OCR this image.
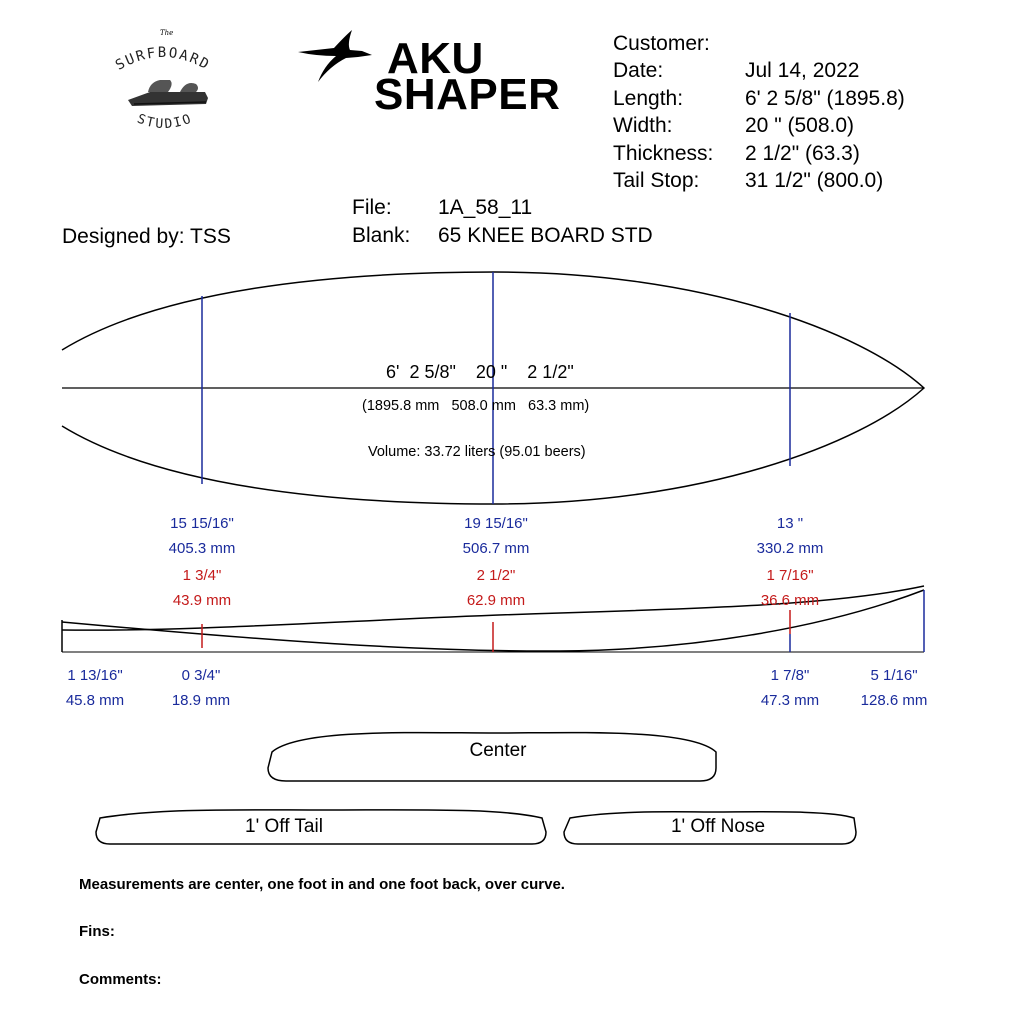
The
SURFBOARD
STUDIO
AKU
SHAPER
Customer:
Date:	Jul 14, 2022
Length:	6' 2 5/8" (1895.8)
Width:	20 " (508.0)
Thickness: 2 1/2" (63.3)
Tail Stop: 31 1/2" (800.0)
File: 1A_58_11
Blank: 65 KNEE BOARD STD
Designed by: TSS
6'  2 5/8"    20 "    2 1/2"
(1895.8 mm   508.0 mm   63.3 mm)
Volume: 33.72 liters (95.01 beers)
15 15/16"
405.3 mm
19 15/16"
506.7 mm
13 "
330.2 mm
1 3/4"
43.9 mm
2 1/2"
62.9 mm
1 7/16"
36.6 mm
1 13/16"
45.8 mm
0 3/4"
18.9 mm
1 7/8"
47.3 mm
5 1/16"
128.6 mm
Center
1' Off Tail	1' Off Nose
Measurements are center, one foot in and one foot back, over curve.
Fins:
Comments:
